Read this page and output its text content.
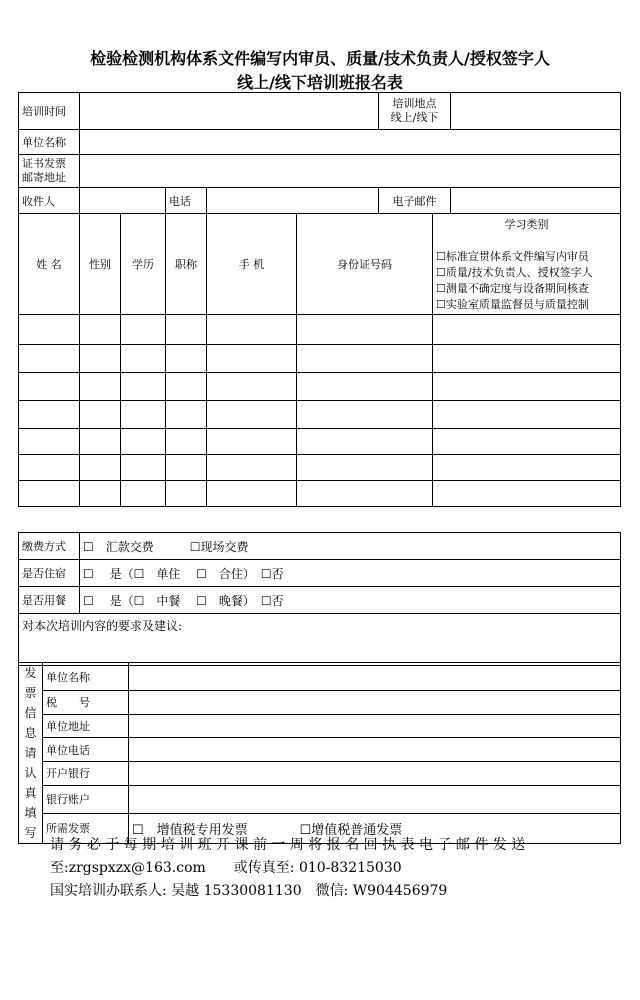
检验检测机构体系文件编写内审员、质量/技术负责人/授权签字人
线上/线下培训班报名表
培训时间				培训地点
线上/线下	
单位名称					
证书发票
邮寄地址					
收件人		电话		电子邮件	
姓 名	性别	学历	职称	手 机	身份证号码	学习类别
☐标准宣贯体系文件编写内审员
☐质量/技术负责人、授权签字人
☐测量不确定度与设备期间核查
☐实验室质量监督员与质量控制

缴费方式	☐　汇款交费　　　☐现场交费
是否住宿	☐　 是（☐　单住　 ☐　合住）　☐否
是否用餐	☐　 是（☐　中餐　 ☐　晚餐）　☐否
对本次培训内容的要求及建议:	
发票信息请认真填写	单位名称	
	税　　号	
	单位地址	
	单位电话	
	开户银行	
	银行账户	
	所需发票	☐　增值税专用发票　　　　☐增值税普通发票
请 务 必 于 每 期 培 训 班 开 课 前 一 周 将 报 名 回 执 表 电 子 邮 件 发 送
至:zrgspxzx@163.com　　或传真至: 010-83215030
国实培训办联系人: 吴越 15330081130　微信: W904456979
